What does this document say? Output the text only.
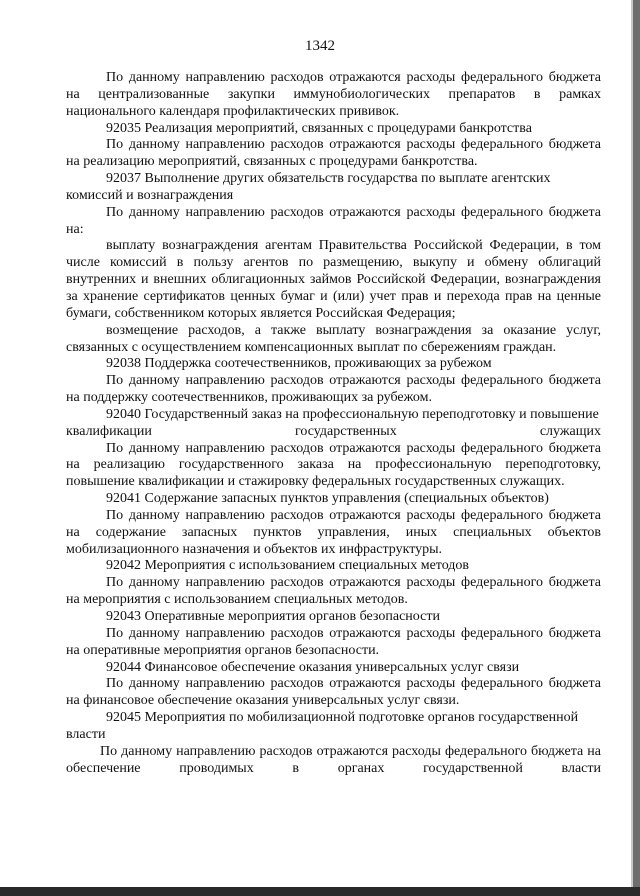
1342

По данному направлению расходов отражаются расходы федерального бюджета на централизованные закупки иммунобиологических препаратов в рамках национального календаря профилактических прививок.

92035 Реализация мероприятий, связанных с процедурами банкротства

По данному направлению расходов отражаются расходы федерального бюджета на реализацию мероприятий, связанных с процедурами банкротства.

92037 Выполнение других обязательств государства по выплате агентских комиссий и вознаграждения

По данному направлению расходов отражаются расходы федерального бюджета на:

выплату вознаграждения агентам Правительства Российской Федерации, в том числе комиссий в пользу агентов по размещению, выкупу и обмену облигаций внутренних и внешних облигационных займов Российской Федерации, вознаграждения за хранение сертификатов ценных бумаг и (или) учет прав и перехода прав на ценные бумаги, собственником которых является Российская Федерация;

возмещение расходов, а также выплату вознаграждения за оказание услуг, связанных с осуществлением компенсационных выплат по сбережениям граждан.

92038 Поддержка соотечественников, проживающих за рубежом

По данному направлению расходов отражаются расходы федерального бюджета на поддержку соотечественников, проживающих за рубежом.

92040 Государственный заказ на профессиональную переподготовку и повышение квалификации государственных служащих

По данному направлению расходов отражаются расходы федерального бюджета на реализацию государственного заказа на профессиональную переподготовку, повышение квалификации и стажировку федеральных государственных служащих.

92041 Содержание запасных пунктов управления (специальных объектов)

По данному направлению расходов отражаются расходы федерального бюджета на содержание запасных пунктов управления, иных специальных объектов мобилизационного назначения и объектов их инфраструктуры.

92042 Мероприятия с использованием специальных методов

По данному направлению расходов отражаются расходы федерального бюджета на мероприятия с использованием специальных методов.

92043 Оперативные мероприятия органов безопасности

По данному направлению расходов отражаются расходы федерального бюджета на оперативные мероприятия органов безопасности.

92044 Финансовое обеспечение оказания универсальных услуг связи

По данному направлению расходов отражаются расходы федерального бюджета на финансовое обеспечение оказания универсальных услуг связи.

92045 Мероприятия по мобилизационной подготовке органов государственной власти

По данному направлению расходов отражаются расходы федерального бюджета на обеспечение проводимых в органах государственной власти
